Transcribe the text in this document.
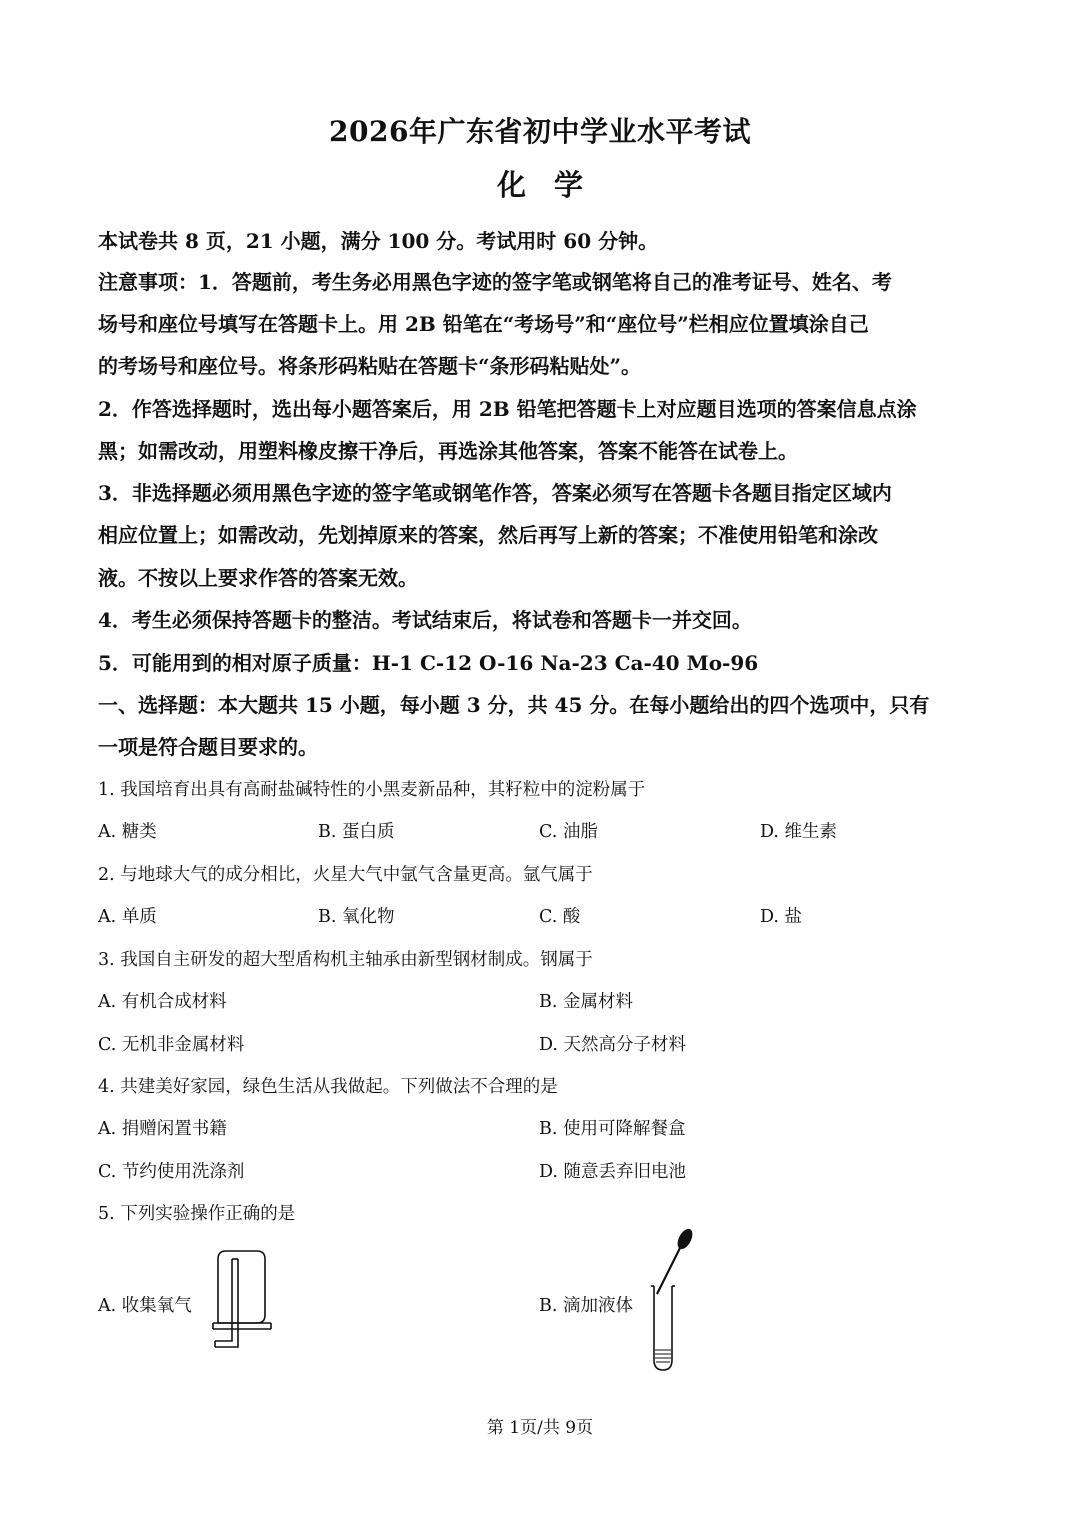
2026年广东省初中学业水平考试
化学
本试卷共 8 页，21 小题，满分 100 分。考试用时 60 分钟。
注意事项：1．答题前，考生务必用黑色字迹的签字笔或钢笔将自己的准考证号、姓名、考
场号和座位号填写在答题卡上。用 2B 铅笔在“考场号”和“座位号”栏相应位置填涂自己
的考场号和座位号。将条形码粘贴在答题卡“条形码粘贴处”。
2．作答选择题时，选出每小题答案后，用 2B 铅笔把答题卡上对应题目选项的答案信息点涂
黑；如需改动，用塑料橡皮擦干净后，再选涂其他答案，答案不能答在试卷上。
3．非选择题必须用黑色字迹的签字笔或钢笔作答，答案必须写在答题卡各题目指定区域内
相应位置上；如需改动，先划掉原来的答案，然后再写上新的答案；不准使用铅笔和涂改
液。不按以上要求作答的答案无效。
4．考生必须保持答题卡的整洁。考试结束后，将试卷和答题卡一并交回。
5．可能用到的相对原子质量：H-1 C-12 O-16 Na-23 Ca-40 Mo-96
一、选择题：本大题共 15 小题，每小题 3 分，共 45 分。在每小题给出的四个选项中，只有
一项是符合题目要求的。
1. 我国培育出具有高耐盐碱特性的小黑麦新品种，其籽粒中的淀粉属于
A. 糖类	B. 蛋白质	C. 油脂	D. 维生素
2. 与地球大气的成分相比，火星大气中氩气含量更高。氩气属于
A. 单质	B. 氧化物	C. 酸	D. 盐
3. 我国自主研发的超大型盾构机主轴承由新型钢材制成。钢属于
A. 有机合成材料	B. 金属材料
C. 无机非金属材料	D. 天然高分子材料
4. 共建美好家园，绿色生活从我做起。下列做法不合理的是
A. 捐赠闲置书籍	B. 使用可降解餐盒
C. 节约使用洗涤剂	D. 随意丢弃旧电池
5. 下列实验操作正确的是
A. 收集氧气	B. 滴加液体
第 1页/共 9页
